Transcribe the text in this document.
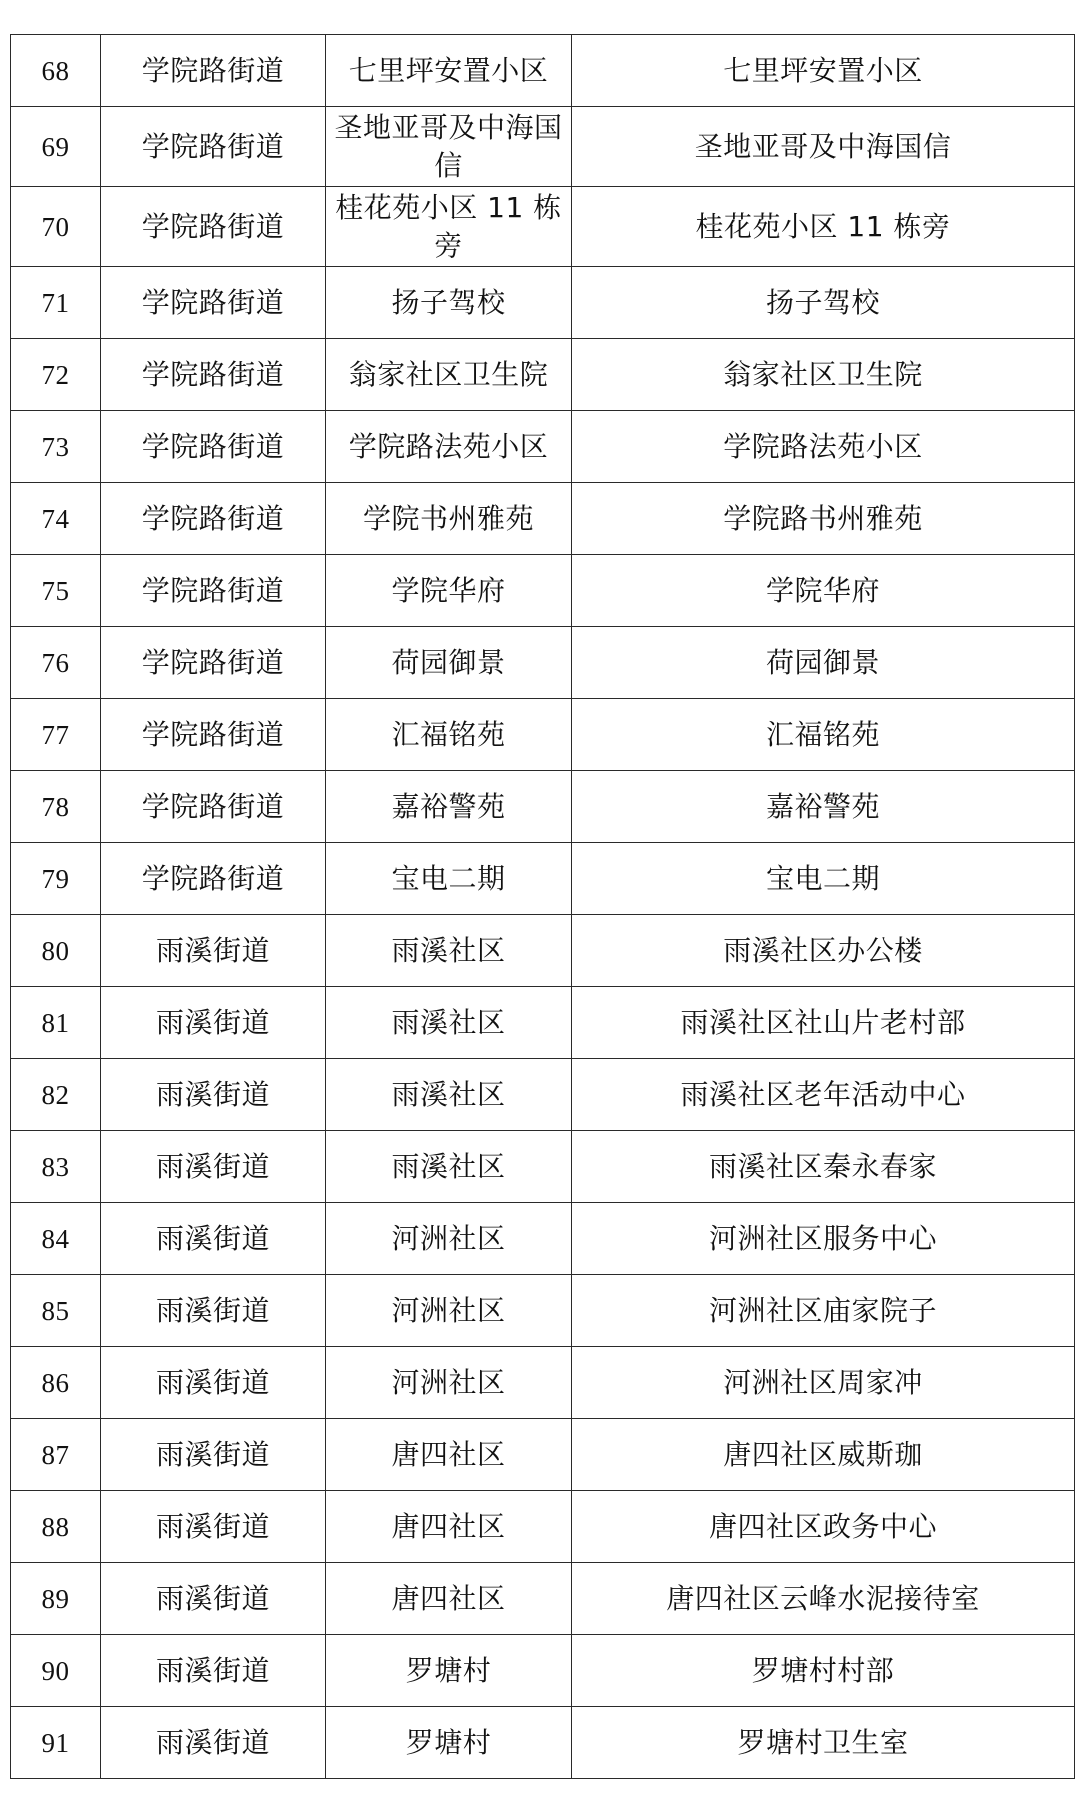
68	学院路街道	七里坪安置小区	七里坪安置小区
69	学院路街道	圣地亚哥及中海国信	圣地亚哥及中海国信
70	学院路街道	桂花苑小区 11 栋旁	桂花苑小区 11 栋旁
71	学院路街道	扬子驾校	扬子驾校
72	学院路街道	翁家社区卫生院	翁家社区卫生院
73	学院路街道	学院路法苑小区	学院路法苑小区
74	学院路街道	学院书州雅苑	学院路书州雅苑
75	学院路街道	学院华府	学院华府
76	学院路街道	荷园御景	荷园御景
77	学院路街道	汇福铭苑	汇福铭苑
78	学院路街道	嘉裕警苑	嘉裕警苑
79	学院路街道	宝电二期	宝电二期
80	雨溪街道	雨溪社区	雨溪社区办公楼
81	雨溪街道	雨溪社区	雨溪社区社山片老村部
82	雨溪街道	雨溪社区	雨溪社区老年活动中心
83	雨溪街道	雨溪社区	雨溪社区秦永春家
84	雨溪街道	河洲社区	河洲社区服务中心
85	雨溪街道	河洲社区	河洲社区庙家院子
86	雨溪街道	河洲社区	河洲社区周家冲
87	雨溪街道	唐四社区	唐四社区威斯珈
88	雨溪街道	唐四社区	唐四社区政务中心
89	雨溪街道	唐四社区	唐四社区云峰水泥接待室
90	雨溪街道	罗塘村	罗塘村村部
91	雨溪街道	罗塘村	罗塘村卫生室
